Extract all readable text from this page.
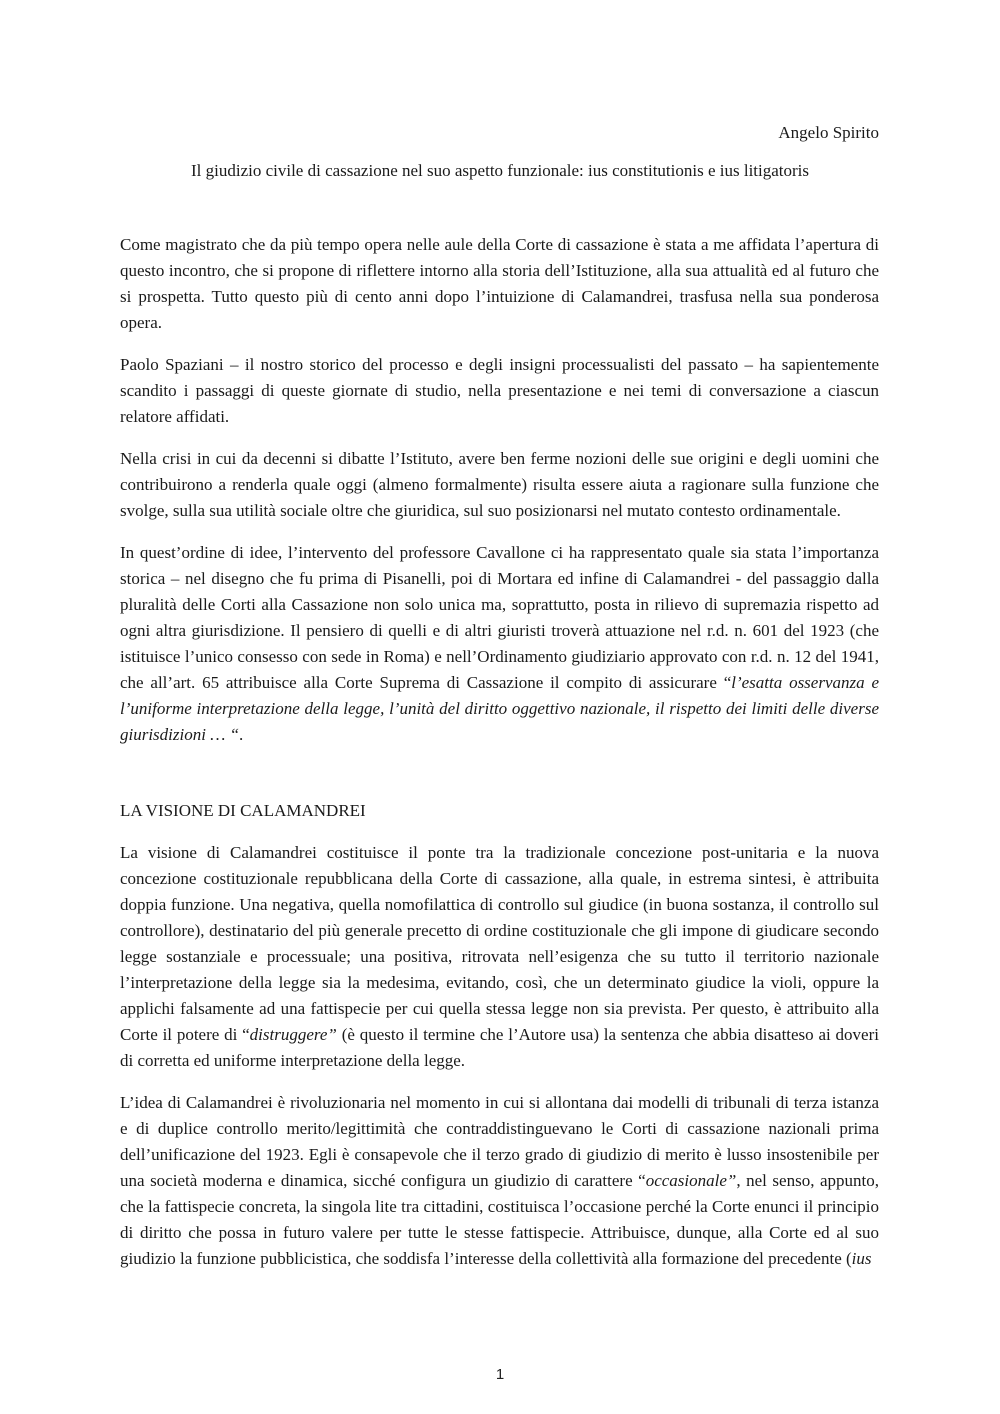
Angelo Spirito
Il giudizio civile di cassazione nel suo aspetto funzionale: ius constitutionis e ius litigatoris

Come magistrato che da più tempo opera nelle aule della Corte di cassazione è stata a me affidata l’apertura di questo incontro, che si propone di riflettere intorno alla storia dell’Istituzione, alla sua attualità ed al futuro che si prospetta. Tutto questo più di cento anni dopo l’intuizione di Calamandrei, trasfusa nella sua ponderosa opera.

Paolo Spaziani – il nostro storico del processo e degli insigni processualisti del passato – ha sapientemente scandito i passaggi di queste giornate di studio, nella presentazione e nei temi di conversazione a ciascun relatore affidati.

Nella crisi in cui da decenni si dibatte l’Istituto, avere ben ferme nozioni delle sue origini e degli uomini che contribuirono a renderla quale oggi (almeno formalmente) risulta essere aiuta a ragionare sulla funzione che svolge, sulla sua utilità sociale oltre che giuridica, sul suo posizionarsi nel mutato contesto ordinamentale.

In quest’ordine di idee, l’intervento del professore Cavallone ci ha rappresentato quale sia stata l’importanza storica – nel disegno che fu prima di Pisanelli, poi di Mortara ed infine di Calamandrei - del passaggio dalla pluralità delle Corti alla Cassazione non solo unica ma, soprattutto, posta in rilievo di supremazia rispetto ad ogni altra giurisdizione. Il pensiero di quelli e di altri giuristi troverà attuazione nel r.d. n. 601 del 1923 (che istituisce l’unico consesso con sede in Roma) e nell’Ordinamento giudiziario approvato con r.d. n. 12 del 1941, che all’art. 65 attribuisce alla Corte Suprema di Cassazione il compito di assicurare “l’esatta osservanza e l’uniforme interpretazione della legge, l’unità del diritto oggettivo nazionale, il rispetto dei limiti delle diverse giurisdizioni … “.

LA VISIONE DI CALAMANDREI

La visione di Calamandrei costituisce il ponte tra la tradizionale concezione post-unitaria e la nuova concezione costituzionale repubblicana della Corte di cassazione, alla quale, in estrema sintesi, è attribuita doppia funzione. Una negativa, quella nomofilattica di controllo sul giudice (in buona sostanza, il controllo sul controllore), destinatario del più generale precetto di ordine costituzionale che gli impone di giudicare secondo legge sostanziale e processuale; una positiva, ritrovata nell’esigenza che su tutto il territorio nazionale l’interpretazione della legge sia la medesima, evitando, così, che un determinato giudice la violi, oppure la applichi falsamente ad una fattispecie per cui quella stessa legge non sia prevista. Per questo, è attribuito alla Corte il potere di “distruggere” (è questo il termine che l’Autore usa) la sentenza che abbia disatteso ai doveri di corretta ed uniforme interpretazione della legge.

L’idea di Calamandrei è rivoluzionaria nel momento in cui si allontana dai modelli di tribunali di terza istanza e di duplice controllo merito/legittimità che contraddistinguevano le Corti di cassazione nazionali prima dell’unificazione del 1923. Egli è consapevole che il terzo grado di giudizio di merito è lusso insostenibile per una società moderna e dinamica, sicché configura un giudizio di carattere “occasionale”, nel senso, appunto, che la fattispecie concreta, la singola lite tra cittadini, costituisca l’occasione perché la Corte enunci il principio di diritto che possa in futuro valere per tutte le stesse fattispecie. Attribuisce, dunque, alla Corte ed al suo giudizio la funzione pubblicistica, che soddisfa l’interesse della collettività alla formazione del precedente (ius

1
